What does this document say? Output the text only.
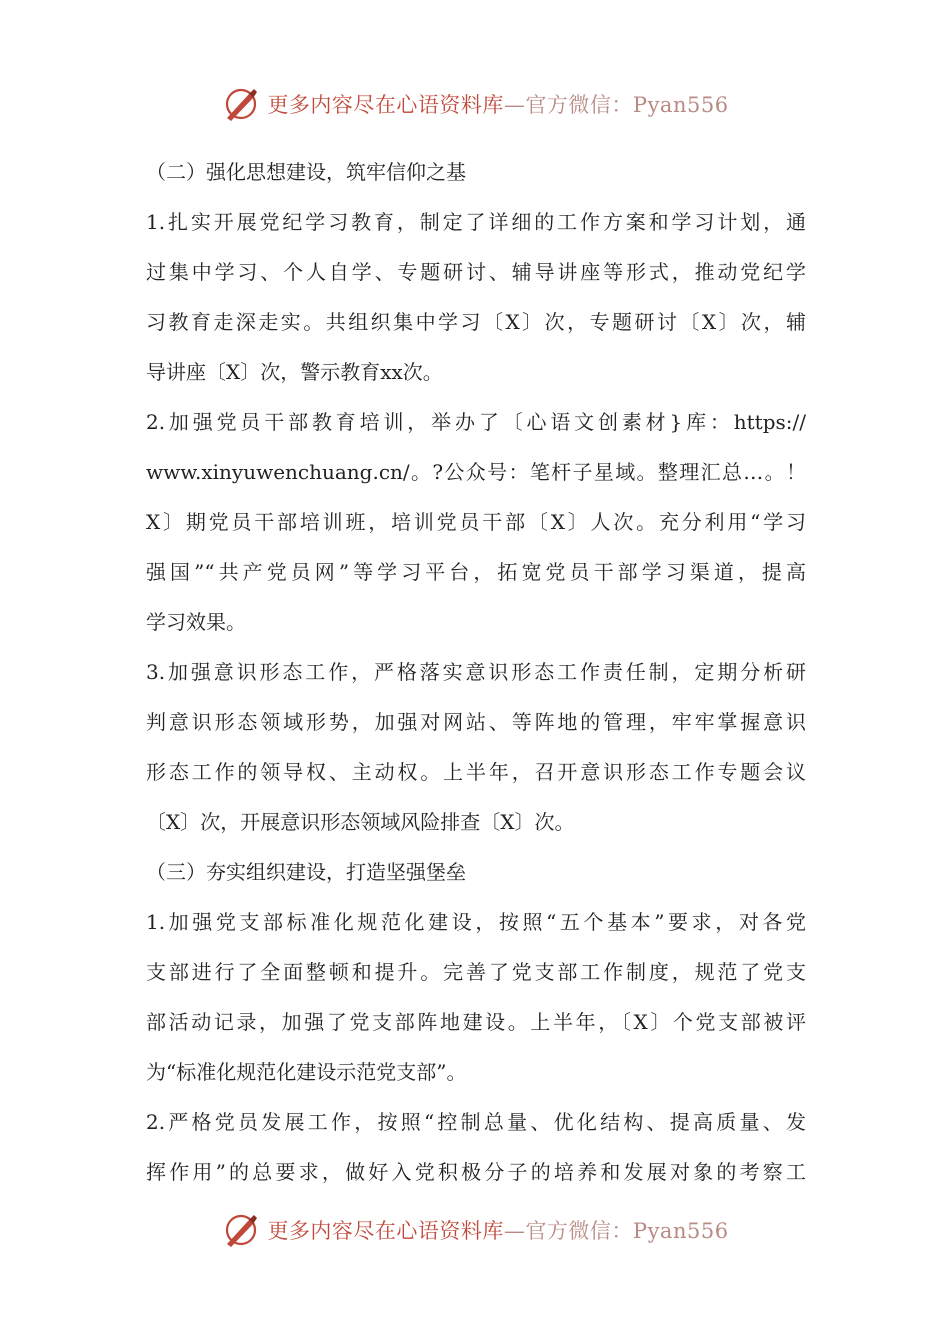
更多内容尽在心语资料库—官方微信：Pyan556
（二）强化思想建设，筑牢信仰之基
1.扎实开展党纪学习教育，制定了详细的工作方案和学习计划，通
过集中学习、个人自学、专题研讨、辅导讲座等形式，推动党纪学
习教育走深走实。共组织集中学习〔X〕次，专题研讨〔X〕次，辅
导讲座〔X〕次，警示教育xx次。
2.加强党员干部教育培训，举办了〔心语文创素材}库：https://
www.xinyuwenchuang.cn/。?公众号：笔杆子星域。整理汇总…。！
X〕期党员干部培训班，培训党员干部〔X〕人次。充分利用“学习
强国”“共产党员网”等学习平台，拓宽党员干部学习渠道，提高
学习效果。
3.加强意识形态工作，严格落实意识形态工作责任制，定期分析研
判意识形态领域形势，加强对网站、等阵地的管理，牢牢掌握意识
形态工作的领导权、主动权。上半年，召开意识形态工作专题会议
〔X〕次，开展意识形态领域风险排查〔X〕次。
（三）夯实组织建设，打造坚强堡垒
1.加强党支部标准化规范化建设，按照“五个基本”要求，对各党
支部进行了全面整顿和提升。完善了党支部工作制度，规范了党支
部活动记录，加强了党支部阵地建设。上半年，〔X〕个党支部被评
为“标准化规范化建设示范党支部”。
2.严格党员发展工作，按照“控制总量、优化结构、提高质量、发
挥作用”的总要求，做好入党积极分子的培养和发展对象的考察工
更多内容尽在心语资料库—官方微信：Pyan556
